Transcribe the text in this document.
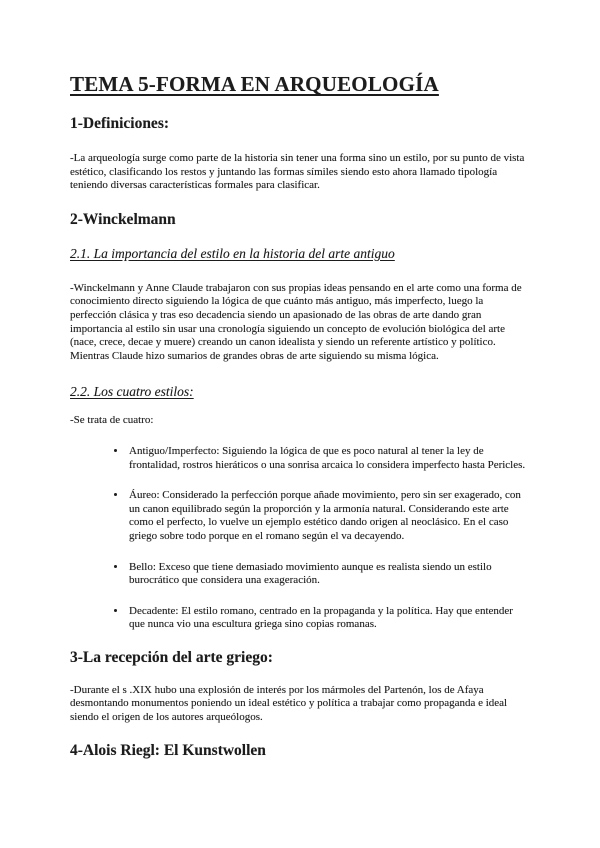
TEMA 5-FORMA EN ARQUEOLOGÍA
1-Definiciones:

-La arqueología surge como parte de la historia sin tener una forma sino un estilo, por su punto de vista estético, clasificando los restos y juntando las formas símiles siendo esto ahora llamado tipología teniendo diversas características formales para clasificar.

2-Winckelmann
2.1. La importancia del estilo en la historia del arte antiguo

-Winckelmann y Anne Claude trabajaron con sus propias ideas pensando en el arte como una forma de conocimiento directo siguiendo la lógica de que cuánto más antiguo, más imperfecto, luego la perfección clásica y tras eso decadencia siendo un apasionado de las obras de arte dando gran importancia al estilo sin usar una cronología siguiendo un concepto de evolución biológica del arte (nace, crece, decae y muere) creando un canon idealista y siendo un referente artístico y político. Mientras Claude hizo sumarios de grandes obras de arte siguiendo su misma lógica.

2.2. Los cuatro estilos:

-Se trata de cuatro:

• Antiguo/Imperfecto: Siguiendo la lógica de que es poco natural al tener la ley de frontalidad, rostros hieráticos o una sonrisa arcaica lo considera imperfecto hasta Pericles.
• Áureo: Considerado la perfección porque añade movimiento, pero sin ser exagerado, con un canon equilibrado según la proporción y la armonía natural. Considerando este arte como el perfecto, lo vuelve un ejemplo estético dando origen al neoclásico. En el caso griego sobre todo porque en el romano según el va decayendo.
• Bello: Exceso que tiene demasiado movimiento aunque es realista siendo un estilo burocrático que considera una exageración.
• Decadente: El estilo romano, centrado en la propaganda y la política. Hay que entender que nunca vio una escultura griega sino copias romanas.
3-La recepción del arte griego:

-Durante el s .XIX hubo una explosión de interés por los mármoles del Partenón, los de Afaya desmontando monumentos poniendo un ideal estético y política a trabajar como propaganda e ideal siendo el origen de los autores arqueólogos.

4-Alois Riegl: El Kunstwollen
